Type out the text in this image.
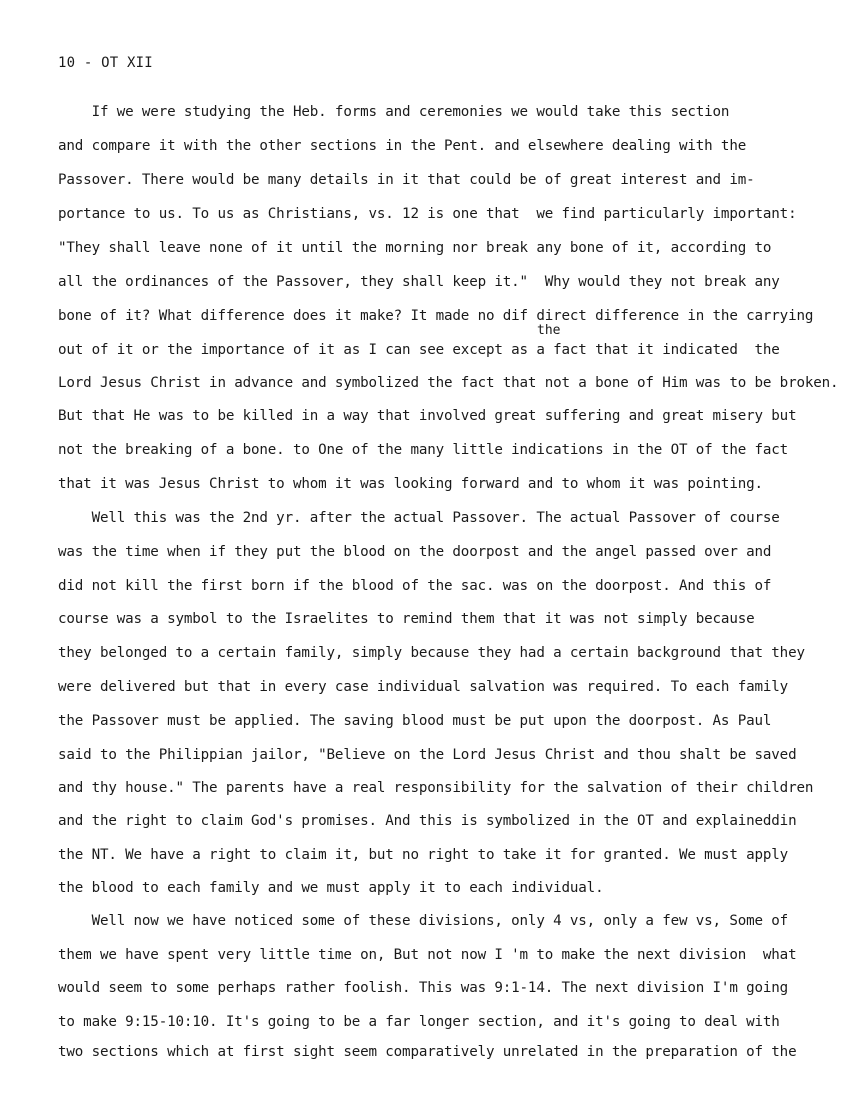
10 - OT XII
If we were studying the Heb. forms and ceremonies we would take this section
and compare it with the other sections in the Pent. and elsewhere dealing with the
Passover. There would be many details in it that could be of great interest and im-
portance to us. To us as Christians, vs. 12 is one that  we find particularly important:
"They shall leave none of it until the morning nor break any bone of it, according to
all the ordinances of the Passover, they shall keep it."  Why would they not break any
bone of it? What difference does it make? It made no dif direct difference in the carrying
the
out of it or the importance of it as I can see except as a fact that it indicated  the
Lord Jesus Christ in advance and symbolized the fact that not a bone of Him was to be broken.
But that He was to be killed in a way that involved great suffering and great misery but
not the breaking of a bone. to One of the many little indications in the OT of the fact
that it was Jesus Christ to whom it was looking forward and to whom it was pointing.
Well this was the 2nd yr. after the actual Passover. The actual Passover of course
was the time when if they put the blood on the doorpost and the angel passed over and
did not kill the first born if the blood of the sac. was on the doorpost. And this of
course was a symbol to the Israelites to remind them that it was not simply because
they belonged to a certain family, simply because they had a certain background that they
were delivered but that in every case individual salvation was required. To each family
the Passover must be applied. The saving blood must be put upon the doorpost. As Paul
said to the Philippian jailor, "Believe on the Lord Jesus Christ and thou shalt be saved
and thy house." The parents have a real responsibility for the salvation of their children
and the right to claim God's promises. And this is symbolized in the OT and explaineddin
the NT. We have a right to claim it, but no right to take it for granted. We must apply
the blood to each family and we must apply it to each individual.
Well now we have noticed some of these divisions, only 4 vs, only a few vs, Some of
them we have spent very little time on, But not now I 'm to make the next division  what
would seem to some perhaps rather foolish. This was 9:1-14. The next division I'm going
to make 9:15-10:10. It's going to be a far longer section, and it's going to deal with
two sections which at first sight seem comparatively unrelated in the preparation of the
